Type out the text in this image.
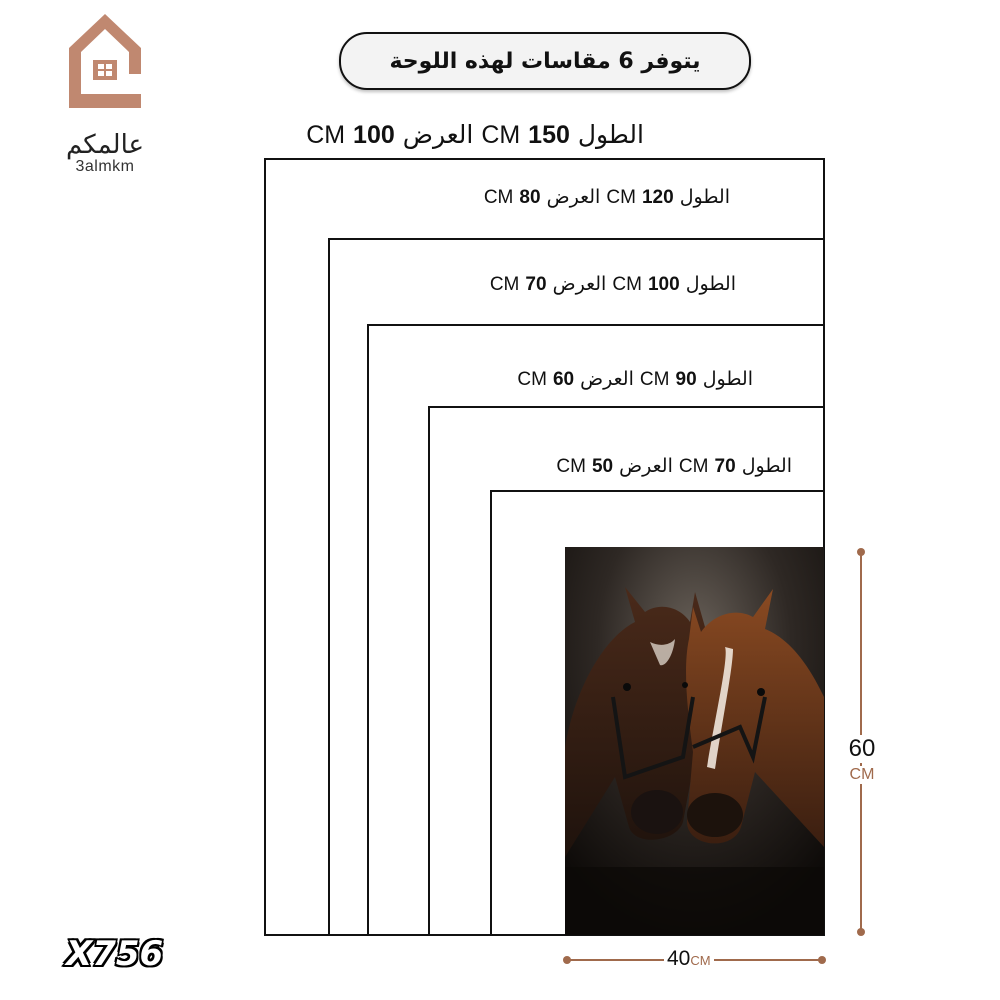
عالمكم
3almkm
يتوفر 6 مقاسات لهذه اللوحة
الطول 150 CM العرض 100 CM
الطول 120 CM العرض 80 CM
الطول 100 CM العرض 70 CM
الطول 90 CM العرض 60 CM
الطول 70 CM العرض 50 CM
60
CM
40CM
X756
